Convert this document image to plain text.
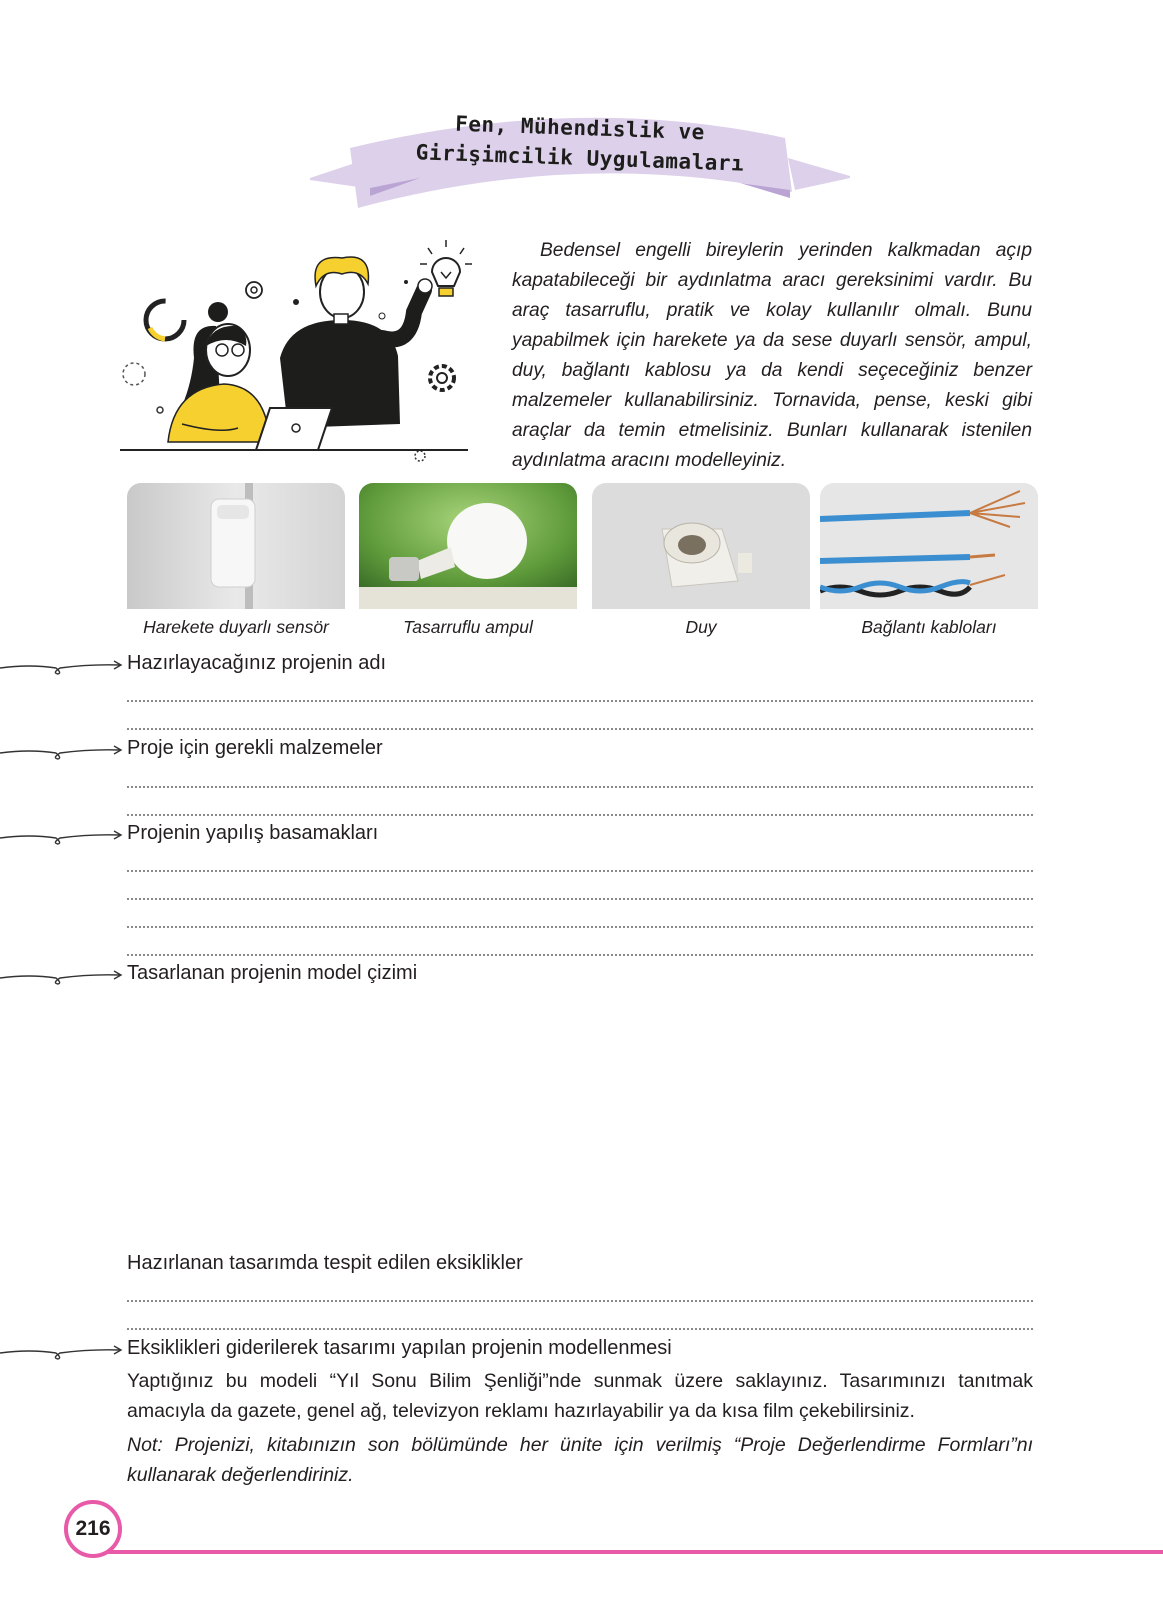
Fen, Mühendislik ve
Girişimcilik Uygulamaları
Bedensel engelli bireylerin yerinden kalkmadan açıp kapatabileceği bir aydınlatma aracı gereksinimi vardır. Bu araç tasarruflu, pratik ve kolay kullanılır olmalı. Bunu yapabilmek için harekete ya da sese duyarlı sensör, ampul, duy, bağlantı kablosu ya da kendi seçeceğiniz benzer malzemeler kullanabilirsiniz. Tornavida, pense, keski gibi araçlar da temin etmelisiniz. Bunları kullanarak istenilen aydınlatma aracını modelleyiniz.
Harekete duyarlı sensör	Tasarruflu ampul	Duy	Bağlantı kabloları
Hazırlayacağınız projenin adı
Proje için gerekli malzemeler
Projenin yapılış basamakları
Tasarlanan projenin model çizimi
Hazırlanan tasarımda tespit edilen eksiklikler
Eksiklikleri giderilerek tasarımı yapılan projenin modellenmesi
Yaptığınız bu modeli “Yıl Sonu Bilim Şenliği”nde sunmak üzere saklayınız. Tasarımınızı tanıtmak amacıyla da gazete, genel ağ, televizyon reklamı hazırlayabilir ya da kısa film çekebilirsiniz.
Not: Projenizi, kitabınızın son bölümünde her ünite için verilmiş “Proje Değerlendirme Formları”nı kullanarak değerlendiriniz.
216
